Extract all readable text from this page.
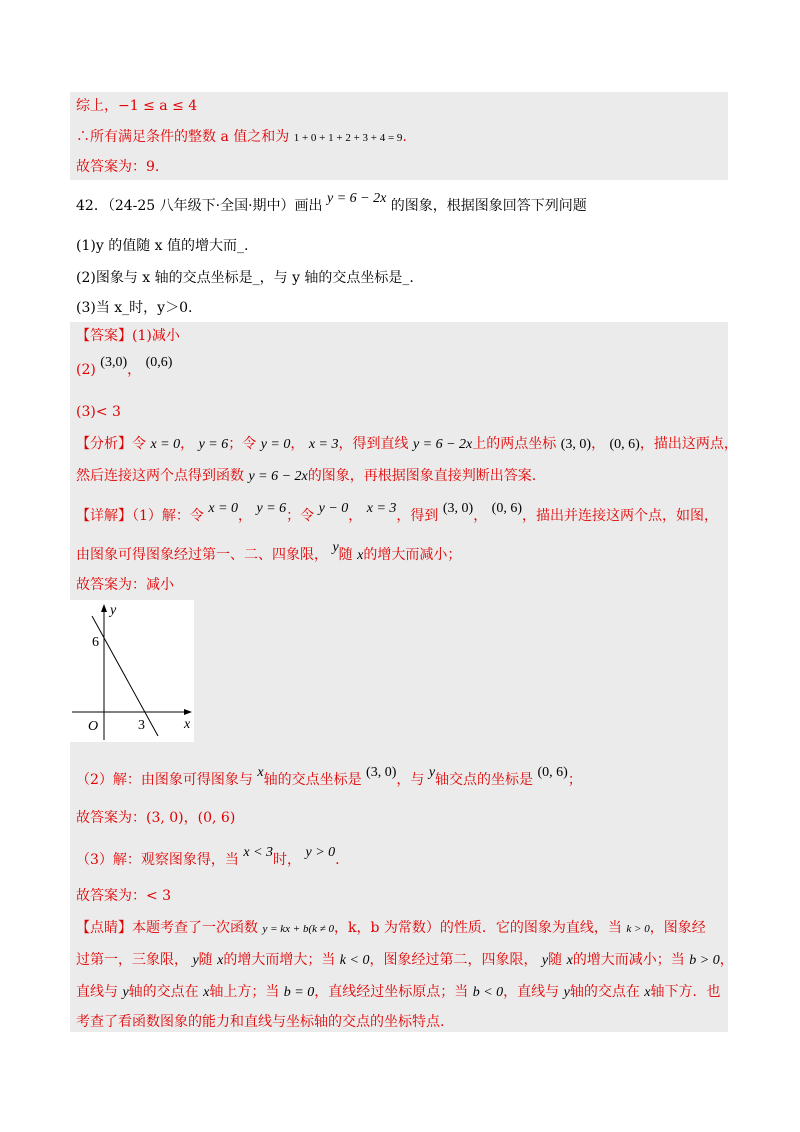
综上，−1 ≤ a ≤ 4
∴所有满足条件的整数 a 值之和为 1 + 0 + 1 + 2 + 3 + 4 = 9.
故答案为：9.
42．（24-25 八年级下·全国·期中）画出 y = 6 − 2x 的图象，根据图象回答下列问题
(1)y 的值随 x 值的增大而_.
(2)图象与 x 轴的交点坐标是_，与 y 轴的交点坐标是_.
(3)当 x_时，y＞0.
【答案】(1)减小
(2) (3,0)， (0,6)
(3)< 3
【分析】令 x = 0， y = 6；令 y = 0， x = 3，得到直线 y = 6 − 2x上的两点坐标 (3, 0)， (0, 6)，描出这两点，
然后连接这两个点得到函数 y = 6 − 2x的图象，再根据图象直接判断出答案.
【详解】（1）解：令 x = 0， y = 6；令 y − 0， x = 3，得到 (3, 0)， (0, 6)，描出并连接这两个点，如图，
由图象可得图象经过第一、二、四象限， y随 x的增大而减小；
故答案为：减小
y
x
O
6
3
（2）解：由图象可得图象与 x轴的交点坐标是 (3, 0)，与 y轴交点的坐标是 (0, 6)；
故答案为：(3, 0)，(0, 6)
（3）解：观察图象得，当 x < 3时， y > 0.
故答案为：< 3
【点睛】本题考查了一次函数 y = kx + b(k ≠ 0，k，b 为常数）的性质．它的图象为直线，当 k > 0，图象经
过第一，三象限， y随 x的增大而增大；当 k < 0，图象经过第二，四象限， y随 x的增大而减小；当 b > 0，
直线与 y轴的交点在 x轴上方；当 b = 0，直线经过坐标原点；当 b < 0，直线与 y轴的交点在 x轴下方．也
考查了看函数图象的能力和直线与坐标轴的交点的坐标特点.
